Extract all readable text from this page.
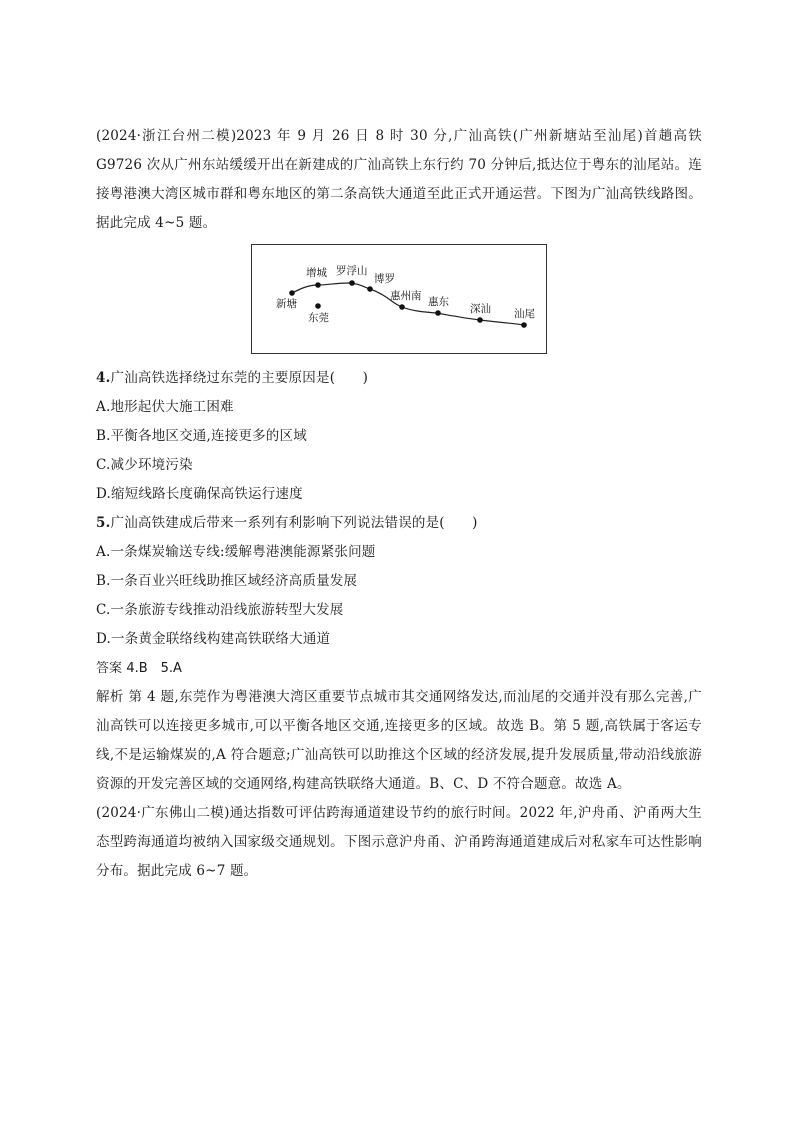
(2024·浙江台州二模)2023 年 9 月 26 日 8 时 30 分,广汕高铁(广州新塘站至汕尾)首趟高铁 G9726 次从广州东站缓缓开出在新建成的广汕高铁上东行约 70 分钟后,抵达位于粤东的汕尾站。连接粤港澳大湾区城市群和粤东地区的第二条高铁大通道至此正式开通运营。下图为广汕高铁线路图。据此完成 4~5 题。

增城 罗浮山
博罗
新塘
惠州南 惠东
深汕 汕尾
东莞

4.广汕高铁选择绕过东莞的主要原因是(　　)

A.地形起伏大施工困难

B.平衡各地区交通,连接更多的区域

C.减少环境污染

D.缩短线路长度确保高铁运行速度

5.广汕高铁建成后带来一系列有利影响下列说法错误的是(　　)

A.一条煤炭输送专线:缓解粤港澳能源紧张问题

B.一条百业兴旺线助推区域经济高质量发展

C.一条旅游专线推动沿线旅游转型大发展

D.一条黄金联络线构建高铁联络大通道

答案 4.B　5.A

解析 第 4 题,东莞作为粤港澳大湾区重要节点城市其交通网络发达,而汕尾的交通并没有那么完善,广汕高铁可以连接更多城市,可以平衡各地区交通,连接更多的区域。故选 B。第 5 题,高铁属于客运专线,不是运输煤炭的,A 符合题意;广汕高铁可以助推这个区域的经济发展,提升发展质量,带动沿线旅游资源的开发完善区域的交通网络,构建高铁联络大通道。B、C、D 不符合题意。故选 A。

(2024·广东佛山二模)通达指数可评估跨海通道建设节约的旅行时间。2022 年,沪舟甬、沪甬两大生态型跨海通道均被纳入国家级交通规划。下图示意沪舟甬、沪甬跨海通道建成后对私家车可达性影响分布。据此完成 6~7 题。
